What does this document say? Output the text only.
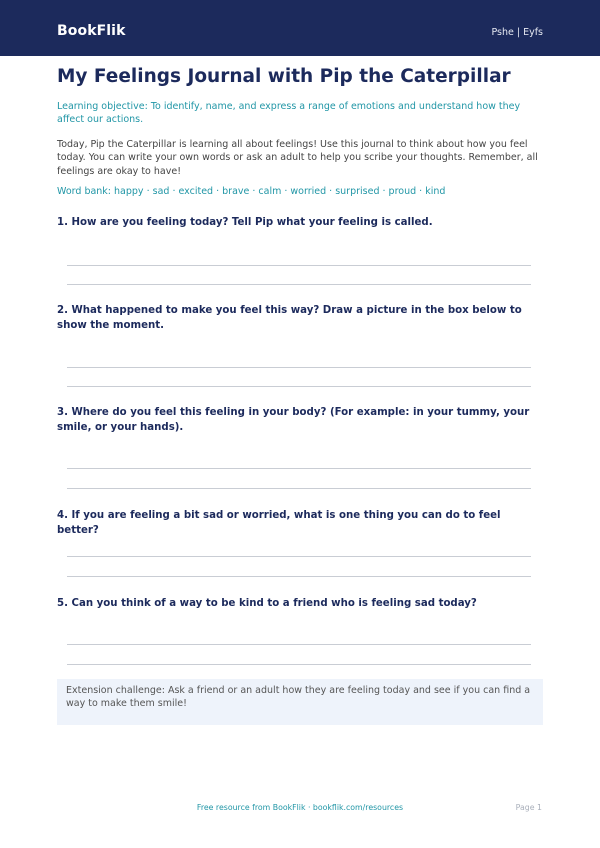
BookFlik	Pshe | Eyfs
My Feelings Journal with Pip the Caterpillar
Learning objective: To identify, name, and express a range of emotions and understand how they affect our actions.
Today, Pip the Caterpillar is learning all about feelings! Use this journal to think about how you feel today. You can write your own words or ask an adult to help you scribe your thoughts. Remember, all feelings are okay to have!
Word bank: happy · sad · excited · brave · calm · worried · surprised · proud · kind
1. How are you feeling today? Tell Pip what your feeling is called.
2. What happened to make you feel this way? Draw a picture in the box below to show the moment.
3. Where do you feel this feeling in your body? (For example: in your tummy, your smile, or your hands).
4. If you are feeling a bit sad or worried, what is one thing you can do to feel better?
5. Can you think of a way to be kind to a friend who is feeling sad today?
Extension challenge: Ask a friend or an adult how they are feeling today and see if you can find a way to make them smile!
Free resource from BookFlik · bookflik.com/resources	Page 1
